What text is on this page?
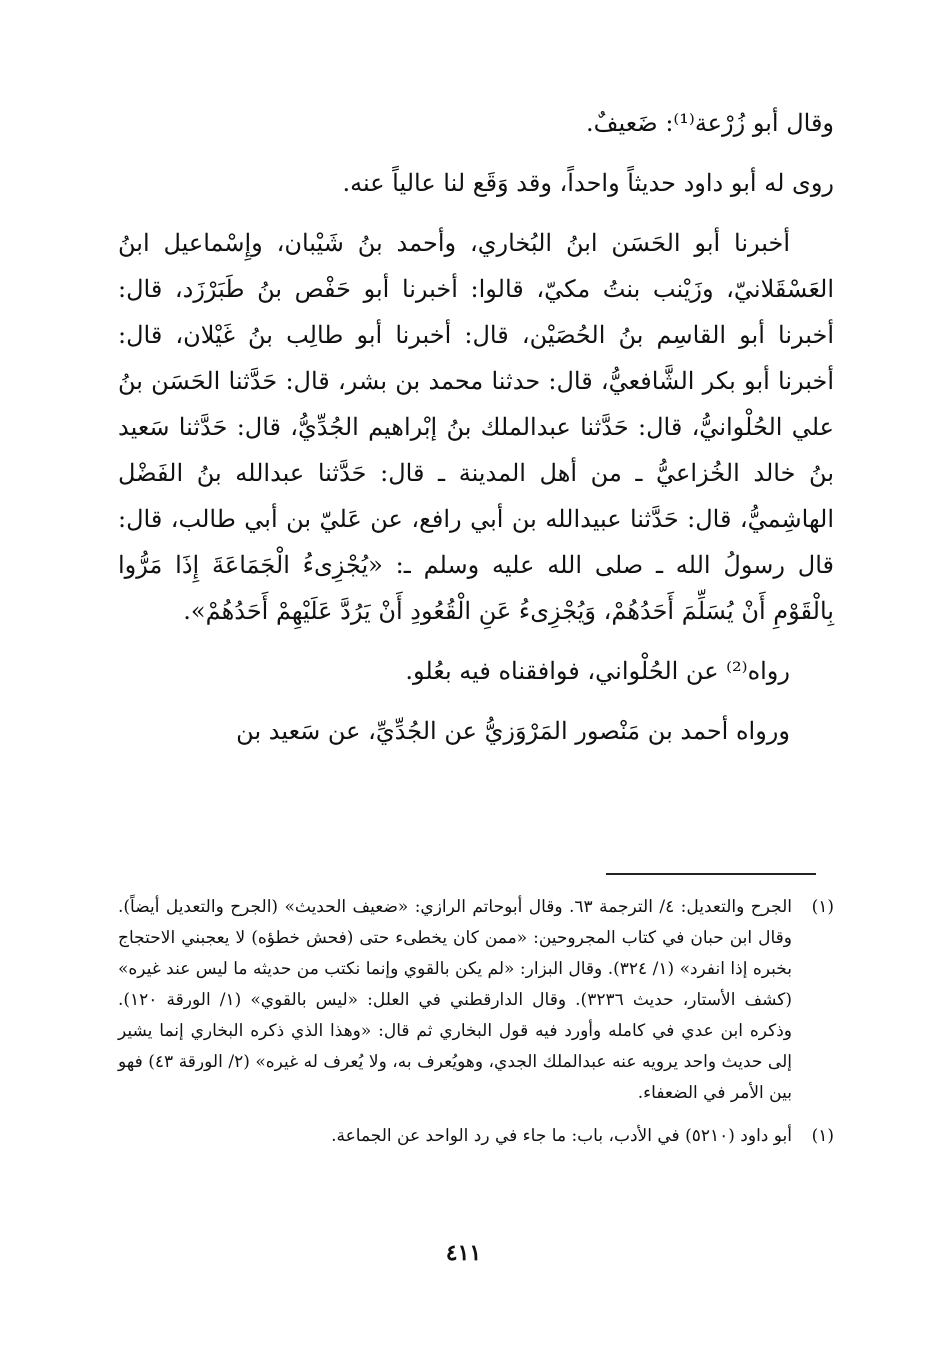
وقال أبو زُرْعة⁽¹⁾: ضَعيفٌ.

روى له أبو داود حديثاً واحداً، وقد وَقَع لنا عالياً عنه.

أخبرنا أبو الحَسَن ابنُ البُخاري، وأحمد بنُ شَيْبان، وإِسْماعيل ابنُ العَسْقَلانيّ، وزَيْنب بنتُ مكيّ، قالوا: أخبرنا أبو حَفْص بنُ طَبَرْزَد، قال: أخبرنا أبو القاسِم بنُ الحُصَيْن، قال: أخبرنا أبو طالِب بنُ غَيْلان، قال: أخبرنا أبو بكر الشَّافعيُّ، قال: حدثنا محمد بن بشر، قال: حَدَّثنا الحَسَن بنُ علي الحُلْوانيُّ، قال: حَدَّثنا عبدالملك بنُ إبْراهيم الجُدِّيُّ، قال: حَدَّثنا سَعيد بنُ خالد الخُزاعيُّ ـ من أهل المدينة ـ قال: حَدَّثنا عبدالله بنُ الفَضْل الهاشِميُّ، قال: حَدَّثنا عبيدالله بن أبي رافع، عن عَليّ بن أبي طالب، قال: قال رسولُ الله ـ صلى الله عليه وسلم ـ: «يُجْزِىءُ الْجَمَاعَةَ إِذَا مَرُّوا بِالْقَوْمِ أَنْ يُسَلِّمَ أَحَدُهُمْ، وَيُجْزِىءُ عَنِ الْقُعُودِ أَنْ يَرُدَّ عَلَيْهِمْ أَحَدُهُمْ».

رواه⁽²⁾ عن الحُلْواني، فوافقناه فيه بعُلو.

ورواه أحمد بن مَنْصور المَرْوَزيُّ عن الجُدِّيِّ، عن سَعيد بن

(١)
الجرح والتعديل: ٤/ الترجمة ٦٣. وقال أبوحاتم الرازي: «ضعيف الحديث» (الجرح والتعديل أيضاً). وقال ابن حبان في كتاب المجروحين: «ممن كان يخطىء حتى (فحش خطؤه) لا يعجبني الاحتجاج بخبره إذا انفرد» (١/ ٣٢٤). وقال البزار: «لم يكن بالقوي وإنما نكتب من حديثه ما ليس عند غيره» (كشف الأستار، حديث ٣٢٣٦). وقال الدارقطني في العلل: «ليس بالقوي» (١/ الورقة ١٢٠). وذكره ابن عدي في كامله وأورد فيه قول البخاري ثم قال: «وهذا الذي ذكره البخاري إنما يشير إلى حديث واحد يرويه عنه عبدالملك الجدي، وهويُعرف به، ولا يُعرف له غيره» (٢/ الورقة ٤٣) فهو بين الأمر في الضعفاء.
(١)
أبو داود (٥٢١٠) في الأدب، باب: ما جاء في رد الواحد عن الجماعة.
٤١١
